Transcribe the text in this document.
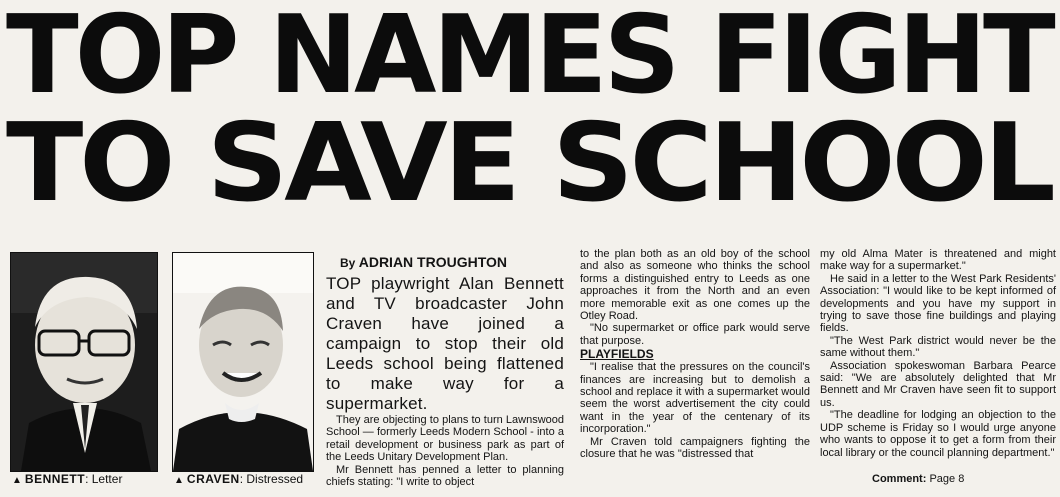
TOP NAMES FIGHT
TO SAVE SCHOOL
▲ BENNETT: Letter	▲ CRAVEN: Distressed
By ADRIAN TROUGHTON

TOP playwright Alan Bennett and TV broadcaster John Craven have joined a campaign to stop their old Leeds school being flattened to make way for a supermarket.

They are objecting to plans to turn Lawnswood School — formerly Leeds Modern School - into a retail development or business park as part of the Leeds Unitary Development Plan.

Mr Bennett has penned a letter to planning chiefs stating: "I write to object

to the plan both as an old boy of the school and also as someone who thinks the school forms a distinguished entry to Leeds as one approaches it from the North and an even more memorable exit as one comes up the Otley Road.

"No supermarket or office park would serve that purpose.

PLAYFIELDS

"I realise that the pressures on the council's finances are increasing but to demolish a school and replace it with a supermarket would seem the worst advertisement the city could want in the year of the centenary of its incorporation."

Mr Craven told campaigners fighting the closure that he was "distressed that

my old Alma Mater is threatened and might make way for a supermarket."

He said in a letter to the West Park Residents' Association: "I would like to be kept informed of developments and you have my support in trying to save those fine buildings and playing fields.

"The West Park district would never be the same without them."

Association spokeswoman Barbara Pearce said: "We are absolutely delighted that Mr Bennett and Mr Craven have seen fit to support us.

"The deadline for lodging an objection to the UDP scheme is Friday so I would urge anyone who wants to oppose it to get a form from their local library or the council planning department."

Comment: Page 8
